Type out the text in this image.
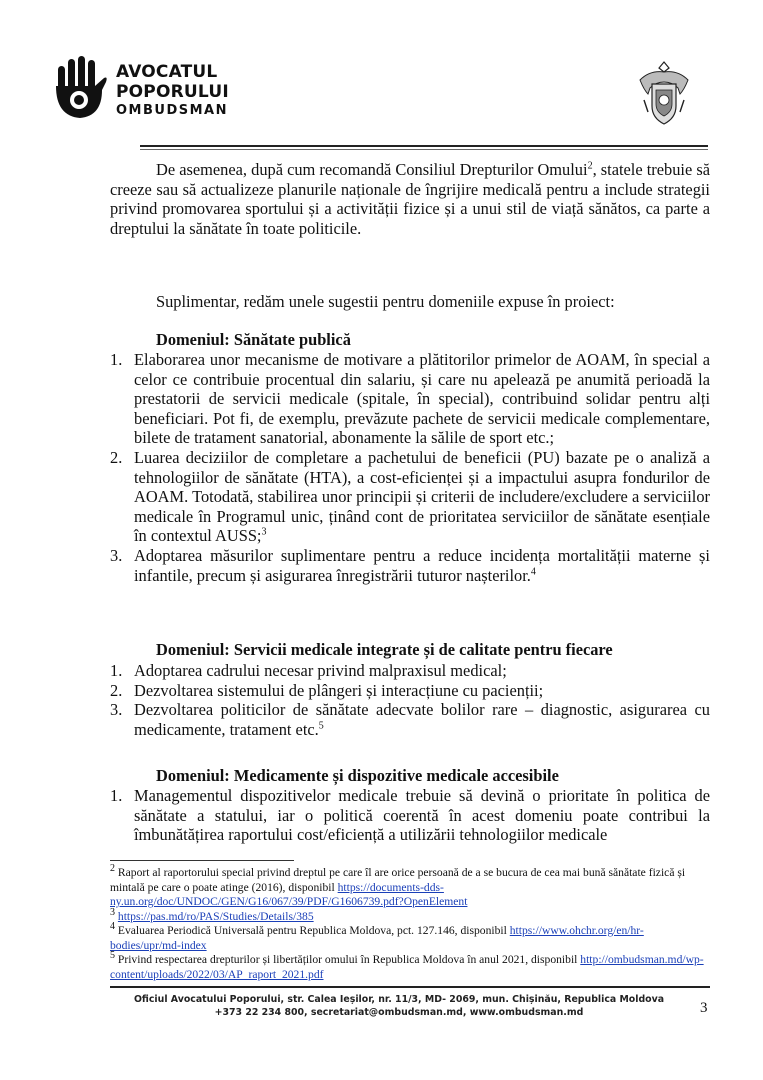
AVOCATUL
POPORULUI
OMBUDSMAN

De asemenea, după cum recomandă Consiliul Drepturilor Omului$^2$, statele trebuie să creeze sau să actualizeze planurile naționale de îngrijire medicală pentru a include strategii privind promovarea sportului și a activității fizice și a unui stil de viață sănătos, ca parte a dreptului la sănătate în toate politicile.

Suplimentar, redăm unele sugestii pentru domeniile expuse în proiect:

Domeniul: Sănătate publică
1. Elaborarea unor mecanisme de motivare a plătitorilor primelor de AOAM, în special a celor ce contribuie procentual din salariu, și care nu apelează pe anumită perioadă la prestatorii de servicii medicale (spitale, în special), contribuind solidar pentru alți beneficiari. Pot fi, de exemplu, prevăzute pachete de servicii medicale complementare, bilete de tratament sanatorial, abonamente la sălile de sport etc.;
2. Luarea deciziilor de completare a pachetului de beneficii (PU) bazate pe o analiză a tehnologiilor de sănătate (HTA), a cost-eficienței și a impactului asupra fondurilor de AOAM. Totodată, stabilirea unor principii și criterii de includere/excludere a serviciilor medicale în Programul unic, ținând cont de prioritatea serviciilor de sănătate esențiale în contextul AUSS;$^3$
3. Adoptarea măsurilor suplimentare pentru a reduce incidența mortalității materne și infantile, precum și asigurarea înregistrării tuturor nașterilor.$^4$
Domeniul: Servicii medicale integrate și de calitate pentru fiecare
1. Adoptarea cadrului necesar privind malpraxisul medical;
2. Dezvoltarea sistemului de plângeri și interacțiune cu pacienții;
3. Dezvoltarea politicilor de sănătate adecvate bolilor rare – diagnostic, asigurarea cu medicamente, tratament etc.$^5$
Domeniul: Medicamente și dispozitive medicale accesibile
1. Managementul dispozitivelor medicale trebuie să devină o prioritate în politica de sănătate a statului, iar o politică coerentă în acest domeniu poate contribui la îmbunătățirea raportului cost/eficiență a utilizării tehnologiilor medicale

$^2$ Raport al raportorului special privind dreptul pe care îl are orice persoană de a se bucura de cea mai bună sănătate fizică și mintală pe care o poate atinge (2016), disponibil https://documents-dds-ny.un.org/doc/UNDOC/GEN/G16/067/39/PDF/G1606739.pdf?OpenElement

$^3$ https://pas.md/ro/PAS/Studies/Details/385

$^4$ Evaluarea Periodică Universală pentru Republica Moldova, pct. 127.146, disponibil https://www.ohchr.org/en/hr-bodies/upr/md-index

$^5$ Privind respectarea drepturilor și libertăților omului în Republica Moldova în anul 2021, disponibil http://ombudsman.md/wp-content/uploads/2022/03/AP_raport_2021.pdf

Oficiul Avocatului Poporului, str. Calea Ieșilor, nr. 11/3, MD- 2069, mun. Chișinău, Republica Moldova
+373 22 234 800, secretariat@ombudsman.md, www.ombudsman.md	3
